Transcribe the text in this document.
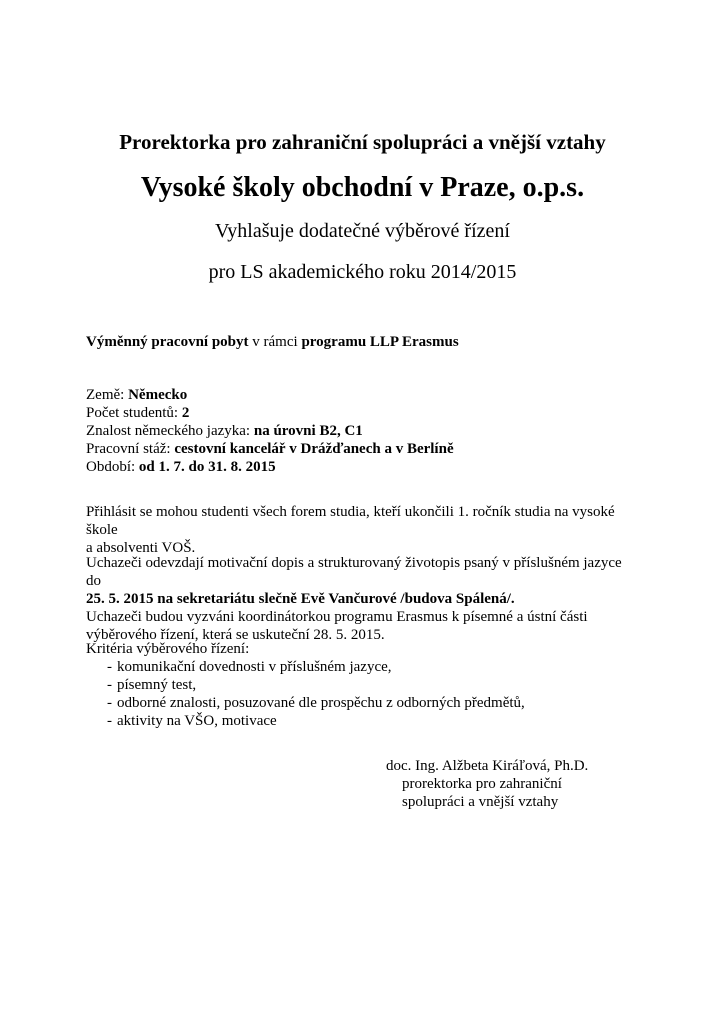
Prorektorka pro zahraniční spolupráci a vnější vztahy
Vysoké školy obchodní v Praze, o.p.s.
Vyhlašuje dodatečné výběrové řízení
pro LS akademického roku 2014/2015
Výměnný pracovní pobyt v rámci programu LLP Erasmus
Země: Německo
Počet studentů: 2
Znalost německého jazyka: na úrovni B2, C1
Pracovní stáž: cestovní kancelář v Drážďanech a v Berlíně
Období: od 1. 7. do 31. 8. 2015
Přihlásit se mohou studenti všech forem studia, kteří ukončili 1. ročník studia na vysoké škole
a absolventi VOŠ.
Uchazeči odevzdají motivační dopis a strukturovaný životopis psaný v příslušném jazyce do
25. 5. 2015 na sekretariátu slečně Evě Vančurové /budova Spálená/.
Uchazeči budou vyzváni koordinátorkou programu Erasmus k písemné a ústní části
výběrového řízení, která se uskuteční 28. 5. 2015.
Kritéria výběrového řízení:
- komunikační dovednosti v příslušném jazyce,
- písemný test,
- odborné znalosti, posuzované dle prospěchu z odborných předmětů,
- aktivity na VŠO, motivace
doc. Ing. Alžbeta Kiráľová, Ph.D.
prorektorka pro zahraniční
spolupráci a vnější vztahy
